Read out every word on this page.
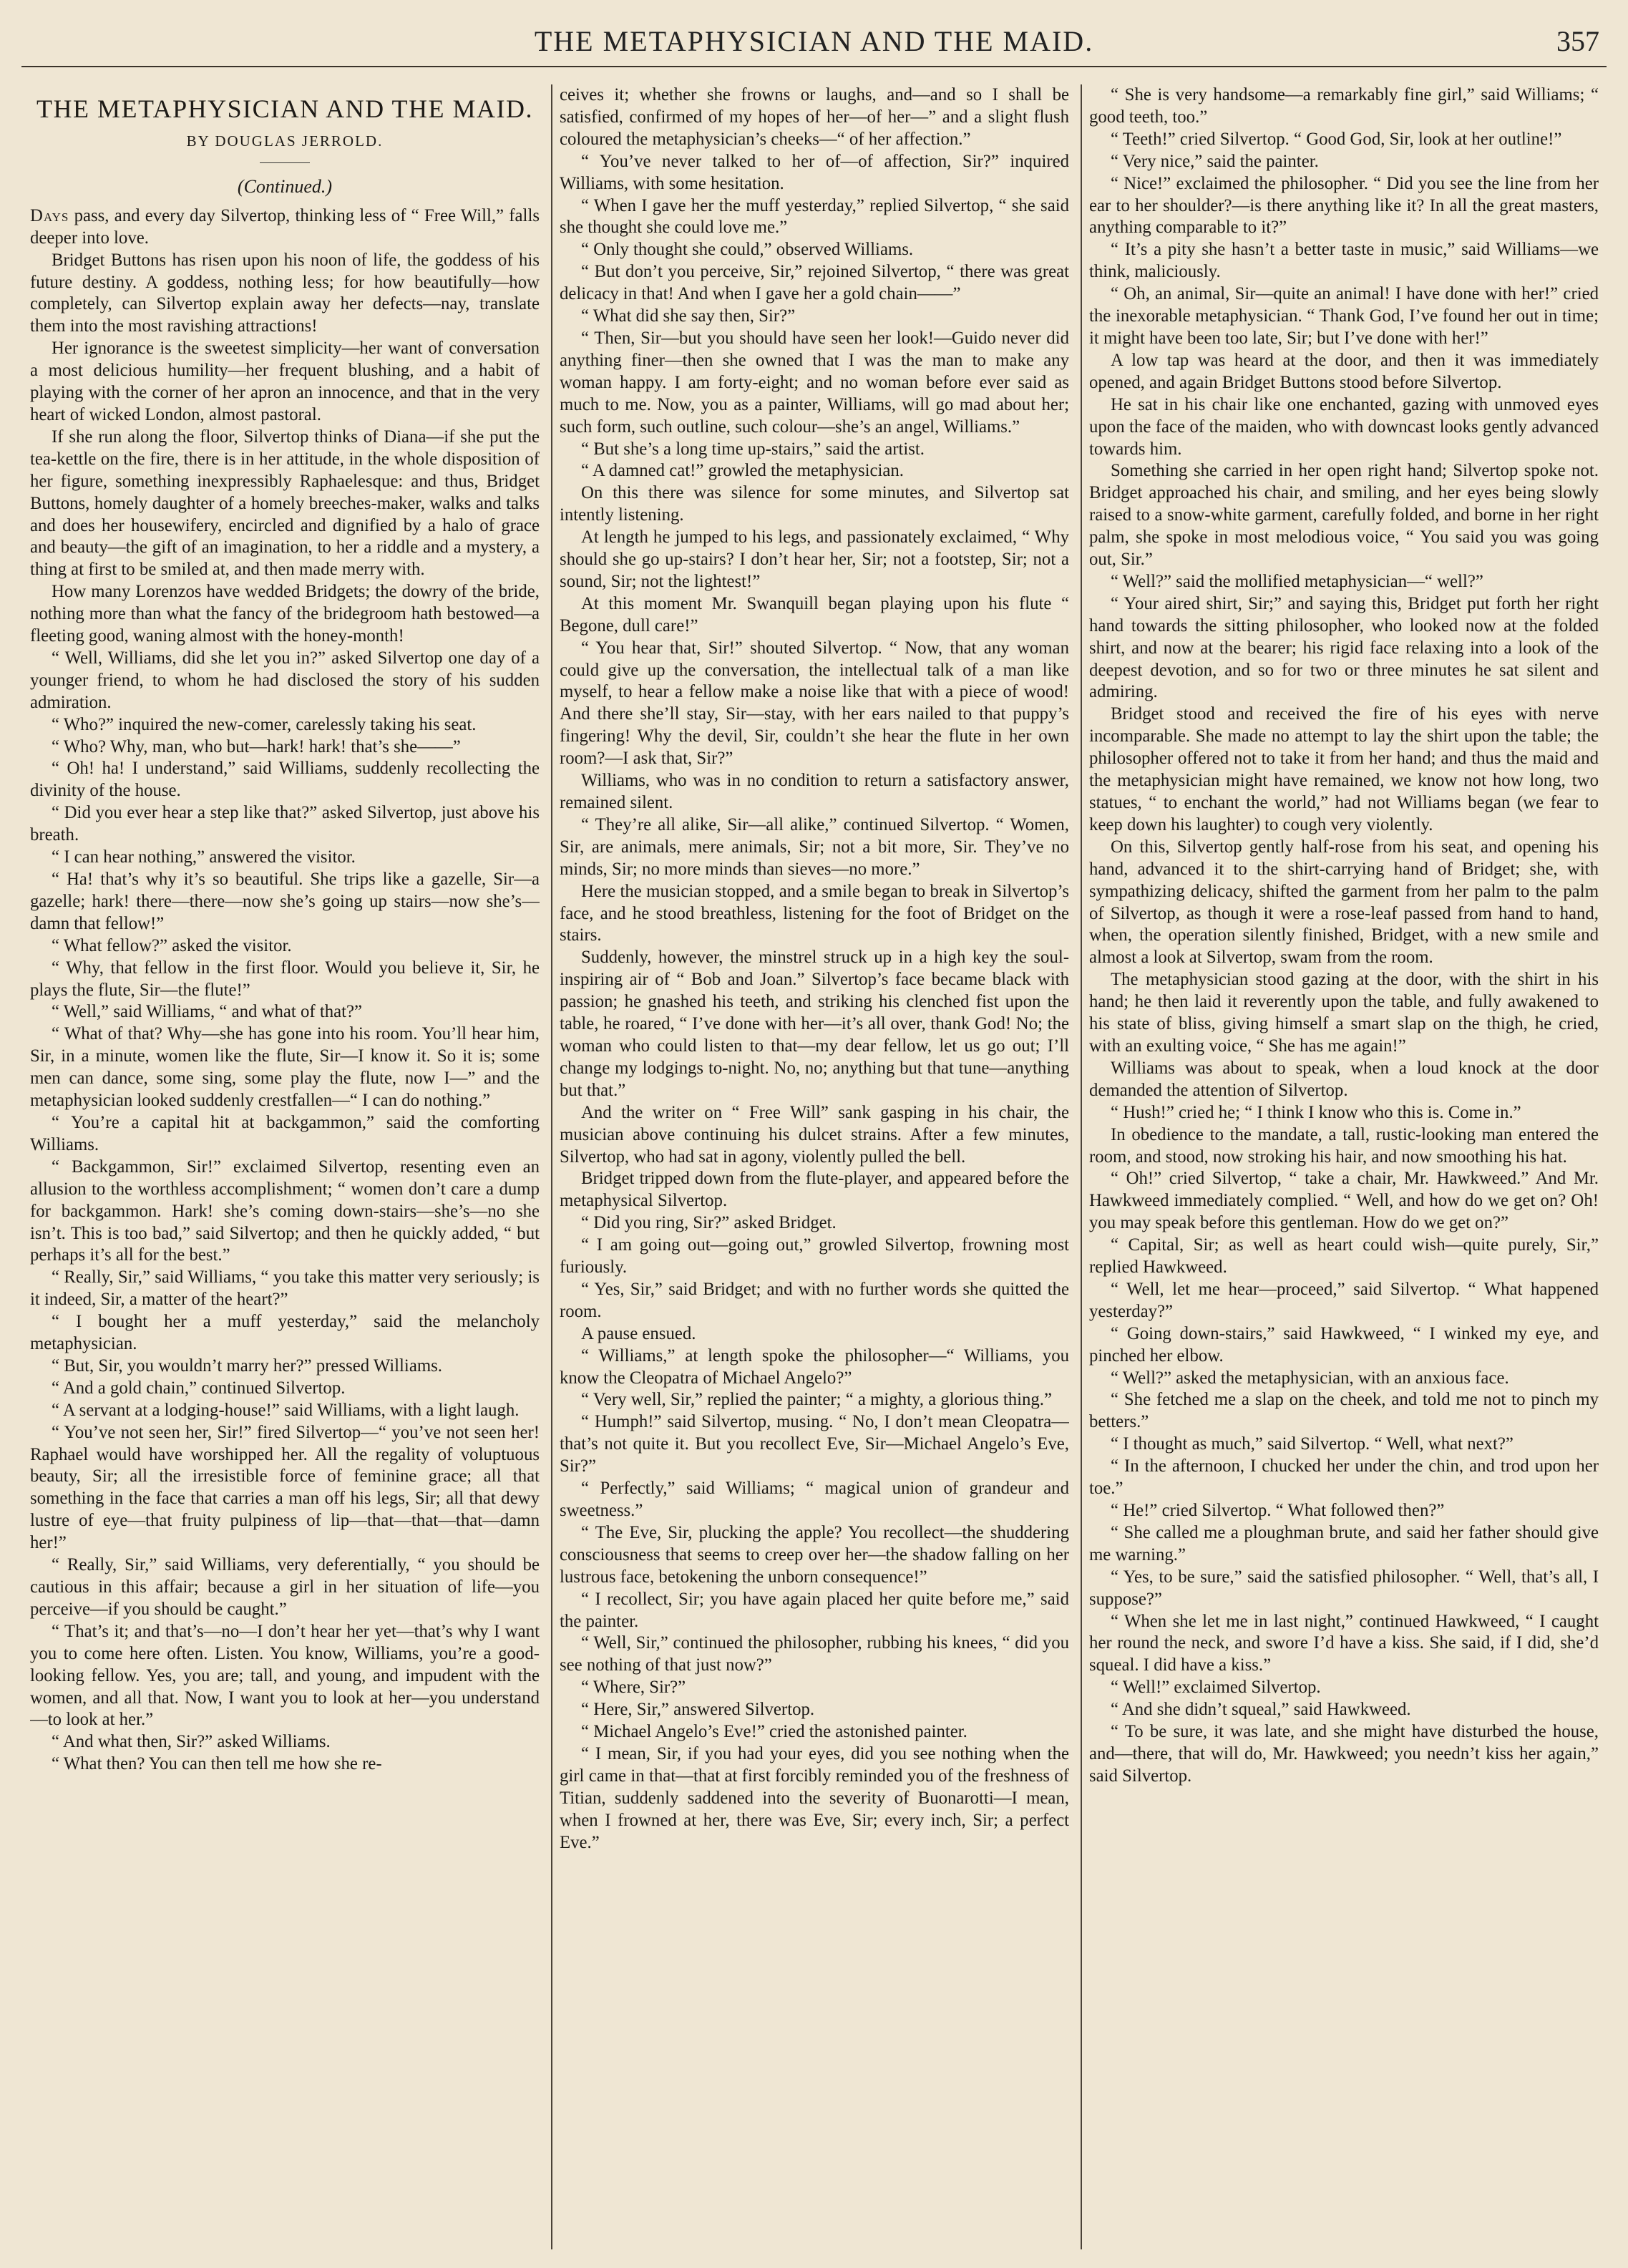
THE METAPHYSICIAN AND THE MAID.	357
THE METAPHYSICIAN AND THE MAID.
BY DOUGLAS JERROLD.
(Continued.)

Days pass, and every day Silvertop, thinking less of “ Free Will,” falls deeper into love.

Bridget Buttons has risen upon his noon of life, the goddess of his future destiny. A goddess, nothing less; for how beautifully—how completely, can Silvertop explain away her defects—nay, translate them into the most ravishing attractions!

Her ignorance is the sweetest simplicity—her want of conversation a most delicious humility—her frequent blushing, and a habit of playing with the corner of her apron an innocence, and that in the very heart of wicked London, almost pastoral.

If she run along the floor, Silvertop thinks of Diana—if she put the tea-kettle on the fire, there is in her attitude, in the whole disposition of her figure, something inexpressibly Raphaelesque: and thus, Bridget Buttons, homely daughter of a homely breeches-maker, walks and talks and does her housewifery, encircled and dignified by a halo of grace and beauty—the gift of an imagination, to her a riddle and a mystery, a thing at first to be smiled at, and then made merry with.

How many Lorenzos have wedded Bridgets; the dowry of the bride, nothing more than what the fancy of the bridegroom hath bestowed—a fleeting good, waning almost with the honey-month!

“ Well, Williams, did she let you in?” asked Silvertop one day of a younger friend, to whom he had disclosed the story of his sudden admiration.

“ Who?” inquired the new-comer, carelessly taking his seat.

“ Who? Why, man, who but—hark! hark! that’s she——”

“ Oh! ha! I understand,” said Williams, suddenly recollecting the divinity of the house.

“ Did you ever hear a step like that?” asked Silvertop, just above his breath.

“ I can hear nothing,” answered the visitor.

“ Ha! that’s why it’s so beautiful. She trips like a gazelle, Sir—a gazelle; hark! there—there—now she’s going up stairs—now she’s—damn that fellow!”

“ What fellow?” asked the visitor.

“ Why, that fellow in the first floor. Would you believe it, Sir, he plays the flute, Sir—the flute!”

“ Well,” said Williams, “ and what of that?”

“ What of that? Why—she has gone into his room. You’ll hear him, Sir, in a minute, women like the flute, Sir—I know it. So it is; some men can dance, some sing, some play the flute, now I—” and the metaphysician looked suddenly crestfallen—“ I can do nothing.”

“ You’re a capital hit at backgammon,” said the comforting Williams.

“ Backgammon, Sir!” exclaimed Silvertop, resenting even an allusion to the worthless accomplishment; “ women don’t care a dump for backgammon. Hark! she’s coming down-stairs—she’s—no she isn’t. This is too bad,” said Silvertop; and then he quickly added, “ but perhaps it’s all for the best.”

“ Really, Sir,” said Williams, “ you take this matter very seriously; is it indeed, Sir, a matter of the heart?”

“ I bought her a muff yesterday,” said the melancholy metaphysician.

“ But, Sir, you wouldn’t marry her?” pressed Williams.

“ And a gold chain,” continued Silvertop.

“ A servant at a lodging-house!” said Williams, with a light laugh.

“ You’ve not seen her, Sir!” fired Silvertop—“ you’ve not seen her! Raphael would have worshipped her. All the regality of voluptuous beauty, Sir; all the irresistible force of feminine grace; all that something in the face that carries a man off his legs, Sir; all that dewy lustre of eye—that fruity pulpiness of lip—that—that—that—damn her!”

“ Really, Sir,” said Williams, very deferentially, “ you should be cautious in this affair; because a girl in her situation of life—you perceive—if you should be caught.”

“ That’s it; and that’s—no—I don’t hear her yet—that’s why I want you to come here often. Listen. You know, Williams, you’re a good-looking fellow. Yes, you are; tall, and young, and impudent with the women, and all that. Now, I want you to look at her—you understand—to look at her.”

“ And what then, Sir?” asked Williams.

“ What then? You can then tell me how she re-

ceives it; whether she frowns or laughs, and—and so I shall be satisfied, confirmed of my hopes of her—of her—” and a slight flush coloured the metaphysician’s cheeks—“ of her affection.”

“ You’ve never talked to her of—of affection, Sir?” inquired Williams, with some hesitation.

“ When I gave her the muff yesterday,” replied Silvertop, “ she said she thought she could love me.”

“ Only thought she could,” observed Williams.

“ But don’t you perceive, Sir,” rejoined Silvertop, “ there was great delicacy in that! And when I gave her a gold chain——”

“ What did she say then, Sir?”

“ Then, Sir—but you should have seen her look!—Guido never did anything finer—then she owned that I was the man to make any woman happy. I am forty-eight; and no woman before ever said as much to me. Now, you as a painter, Williams, will go mad about her; such form, such outline, such colour—she’s an angel, Williams.”

“ But she’s a long time up-stairs,” said the artist.

“ A damned cat!” growled the metaphysician.

On this there was silence for some minutes, and Silvertop sat intently listening.

At length he jumped to his legs, and passionately exclaimed, “ Why should she go up-stairs? I don’t hear her, Sir; not a footstep, Sir; not a sound, Sir; not the lightest!”

At this moment Mr. Swanquill began playing upon his flute “ Begone, dull care!”

“ You hear that, Sir!” shouted Silvertop. “ Now, that any woman could give up the conversation, the intellectual talk of a man like myself, to hear a fellow make a noise like that with a piece of wood! And there she’ll stay, Sir—stay, with her ears nailed to that puppy’s fingering! Why the devil, Sir, couldn’t she hear the flute in her own room?—I ask that, Sir?”

Williams, who was in no condition to return a satisfactory answer, remained silent.

“ They’re all alike, Sir—all alike,” continued Silvertop. “ Women, Sir, are animals, mere animals, Sir; not a bit more, Sir. They’ve no minds, Sir; no more minds than sieves—no more.”

Here the musician stopped, and a smile began to break in Silvertop’s face, and he stood breathless, listening for the foot of Bridget on the stairs.

Suddenly, however, the minstrel struck up in a high key the soul-inspiring air of “ Bob and Joan.” Silvertop’s face became black with passion; he gnashed his teeth, and striking his clenched fist upon the table, he roared, “ I’ve done with her—it’s all over, thank God! No; the woman who could listen to that—my dear fellow, let us go out; I’ll change my lodgings to-night. No, no; anything but that tune—anything but that.”

And the writer on “ Free Will” sank gasping in his chair, the musician above continuing his dulcet strains. After a few minutes, Silvertop, who had sat in agony, violently pulled the bell.

Bridget tripped down from the flute-player, and appeared before the metaphysical Silvertop.

“ Did you ring, Sir?” asked Bridget.

“ I am going out—going out,” growled Silvertop, frowning most furiously.

“ Yes, Sir,” said Bridget; and with no further words she quitted the room.

A pause ensued.

“ Williams,” at length spoke the philosopher—“ Williams, you know the Cleopatra of Michael Angelo?”

“ Very well, Sir,” replied the painter; “ a mighty, a glorious thing.”

“ Humph!” said Silvertop, musing. “ No, I don’t mean Cleopatra—that’s not quite it. But you recollect Eve, Sir—Michael Angelo’s Eve, Sir?”

“ Perfectly,” said Williams; “ magical union of grandeur and sweetness.”

“ The Eve, Sir, plucking the apple? You recollect—the shuddering consciousness that seems to creep over her—the shadow falling on her lustrous face, betokening the unborn consequence!”

“ I recollect, Sir; you have again placed her quite before me,” said the painter.

“ Well, Sir,” continued the philosopher, rubbing his knees, “ did you see nothing of that just now?”

“ Where, Sir?”

“ Here, Sir,” answered Silvertop.

“ Michael Angelo’s Eve!” cried the astonished painter.

“ I mean, Sir, if you had your eyes, did you see nothing when the girl came in that—that at first forcibly reminded you of the freshness of Titian, suddenly saddened into the severity of Buonarotti—I mean, when I frowned at her, there was Eve, Sir; every inch, Sir; a perfect Eve.”

“ She is very handsome—a remarkably fine girl,” said Williams; “ good teeth, too.”

“ Teeth!” cried Silvertop. “ Good God, Sir, look at her outline!”

“ Very nice,” said the painter.

“ Nice!” exclaimed the philosopher. “ Did you see the line from her ear to her shoulder?—is there anything like it? In all the great masters, anything comparable to it?”

“ It’s a pity she hasn’t a better taste in music,” said Williams—we think, maliciously.

“ Oh, an animal, Sir—quite an animal! I have done with her!” cried the inexorable metaphysician. “ Thank God, I’ve found her out in time; it might have been too late, Sir; but I’ve done with her!”

A low tap was heard at the door, and then it was immediately opened, and again Bridget Buttons stood before Silvertop.

He sat in his chair like one enchanted, gazing with unmoved eyes upon the face of the maiden, who with downcast looks gently advanced towards him.

Something she carried in her open right hand; Silvertop spoke not. Bridget approached his chair, and smiling, and her eyes being slowly raised to a snow-white garment, carefully folded, and borne in her right palm, she spoke in most melodious voice, “ You said you was going out, Sir.”

“ Well?” said the mollified metaphysician—“ well?”

“ Your aired shirt, Sir;” and saying this, Bridget put forth her right hand towards the sitting philosopher, who looked now at the folded shirt, and now at the bearer; his rigid face relaxing into a look of the deepest devotion, and so for two or three minutes he sat silent and admiring.

Bridget stood and received the fire of his eyes with nerve incomparable. She made no attempt to lay the shirt upon the table; the philosopher offered not to take it from her hand; and thus the maid and the metaphysician might have remained, we know not how long, two statues, “ to enchant the world,” had not Williams began (we fear to keep down his laughter) to cough very violently.

On this, Silvertop gently half-rose from his seat, and opening his hand, advanced it to the shirt-carrying hand of Bridget; she, with sympathizing delicacy, shifted the garment from her palm to the palm of Silvertop, as though it were a rose-leaf passed from hand to hand, when, the operation silently finished, Bridget, with a new smile and almost a look at Silvertop, swam from the room.

The metaphysician stood gazing at the door, with the shirt in his hand; he then laid it reverently upon the table, and fully awakened to his state of bliss, giving himself a smart slap on the thigh, he cried, with an exulting voice, “ She has me again!”

Williams was about to speak, when a loud knock at the door demanded the attention of Silvertop.

“ Hush!” cried he; “ I think I know who this is. Come in.”

In obedience to the mandate, a tall, rustic-looking man entered the room, and stood, now stroking his hair, and now smoothing his hat.

“ Oh!” cried Silvertop, “ take a chair, Mr. Hawkweed.” And Mr. Hawkweed immediately complied. “ Well, and how do we get on? Oh! you may speak before this gentleman. How do we get on?”

“ Capital, Sir; as well as heart could wish—quite purely, Sir,” replied Hawkweed.

“ Well, let me hear—proceed,” said Silvertop. “ What happened yesterday?”

“ Going down-stairs,” said Hawkweed, “ I winked my eye, and pinched her elbow.

“ Well?” asked the metaphysician, with an anxious face.

“ She fetched me a slap on the cheek, and told me not to pinch my betters.”

“ I thought as much,” said Silvertop. “ Well, what next?”

“ In the afternoon, I chucked her under the chin, and trod upon her toe.”

“ He!” cried Silvertop. “ What followed then?”

“ She called me a ploughman brute, and said her father should give me warning.”

“ Yes, to be sure,” said the satisfied philosopher. “ Well, that’s all, I suppose?”

“ When she let me in last night,” continued Hawkweed, “ I caught her round the neck, and swore I’d have a kiss. She said, if I did, she’d squeal. I did have a kiss.”

“ Well!” exclaimed Silvertop.

“ And she didn’t squeal,” said Hawkweed.

“ To be sure, it was late, and she might have disturbed the house, and—there, that will do, Mr. Hawkweed; you needn’t kiss her again,” said Silvertop.
